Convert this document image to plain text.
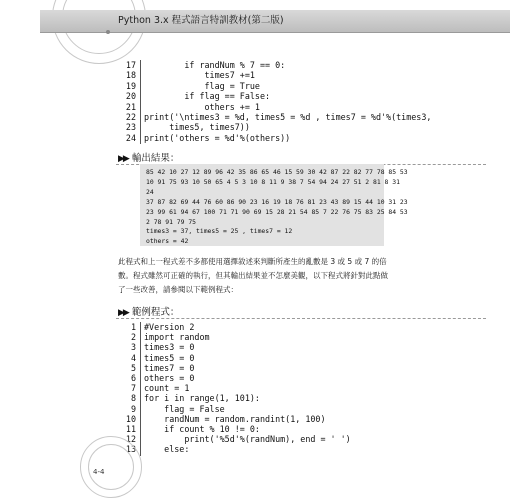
Python 3.x 程式語言特訓教材(第二版)
17 if randNum % 7 == 0:
18 times7 +=1
19 flag = True
20 if flag == False:
21 others += 1
22 print('\ntimes3 = %d, times5 = %d , times7 = %d'%(times3,
23 times5, times7))
24 print('others = %d'%(others))
▶▶ 輸出結果：
85 42 10 27 12 89 96 42 35 86 65 46 15 59 30 42 87 22 82 77 78 85 53
10 91 75 93 10 50 65 4 5 3 10 8 11 9 38 7 54 94 24 27 51 2 81 8 31
24
37 87 82 69 44 76 60 86 90 23 16 19 18 76 81 23 43 89 15 44 10 31 23
23 99 61 94 67 100 71 71 90 69 15 28 21 54 85 7 22 76 75 83 25 84 53
2 78 91 79 75
times3 = 37, times5 = 25 , times7 = 12
others = 42
此程式和上一程式差不多都使用選擇敘述來判斷所產生的亂數是 3 或 5 或 7 的倍
數。程式雖然可正確的執行，但其輸出結果並不怎麼美觀，以下程式將針對此點做
了一些改善，請參閱以下範例程式：
▶▶ 範例程式：
1 #Version 2
2 import random
3 times3 = 0
4 times5 = 0
5 times7 = 0
6 others = 0
7 count = 1
8 for i in range(1, 101):
9 flag = False
10 randNum = random.randint(1, 100)
11 if count % 10 != 0:
12 print('%5d'%(randNum), end = ' ')
13 else:
4-4
